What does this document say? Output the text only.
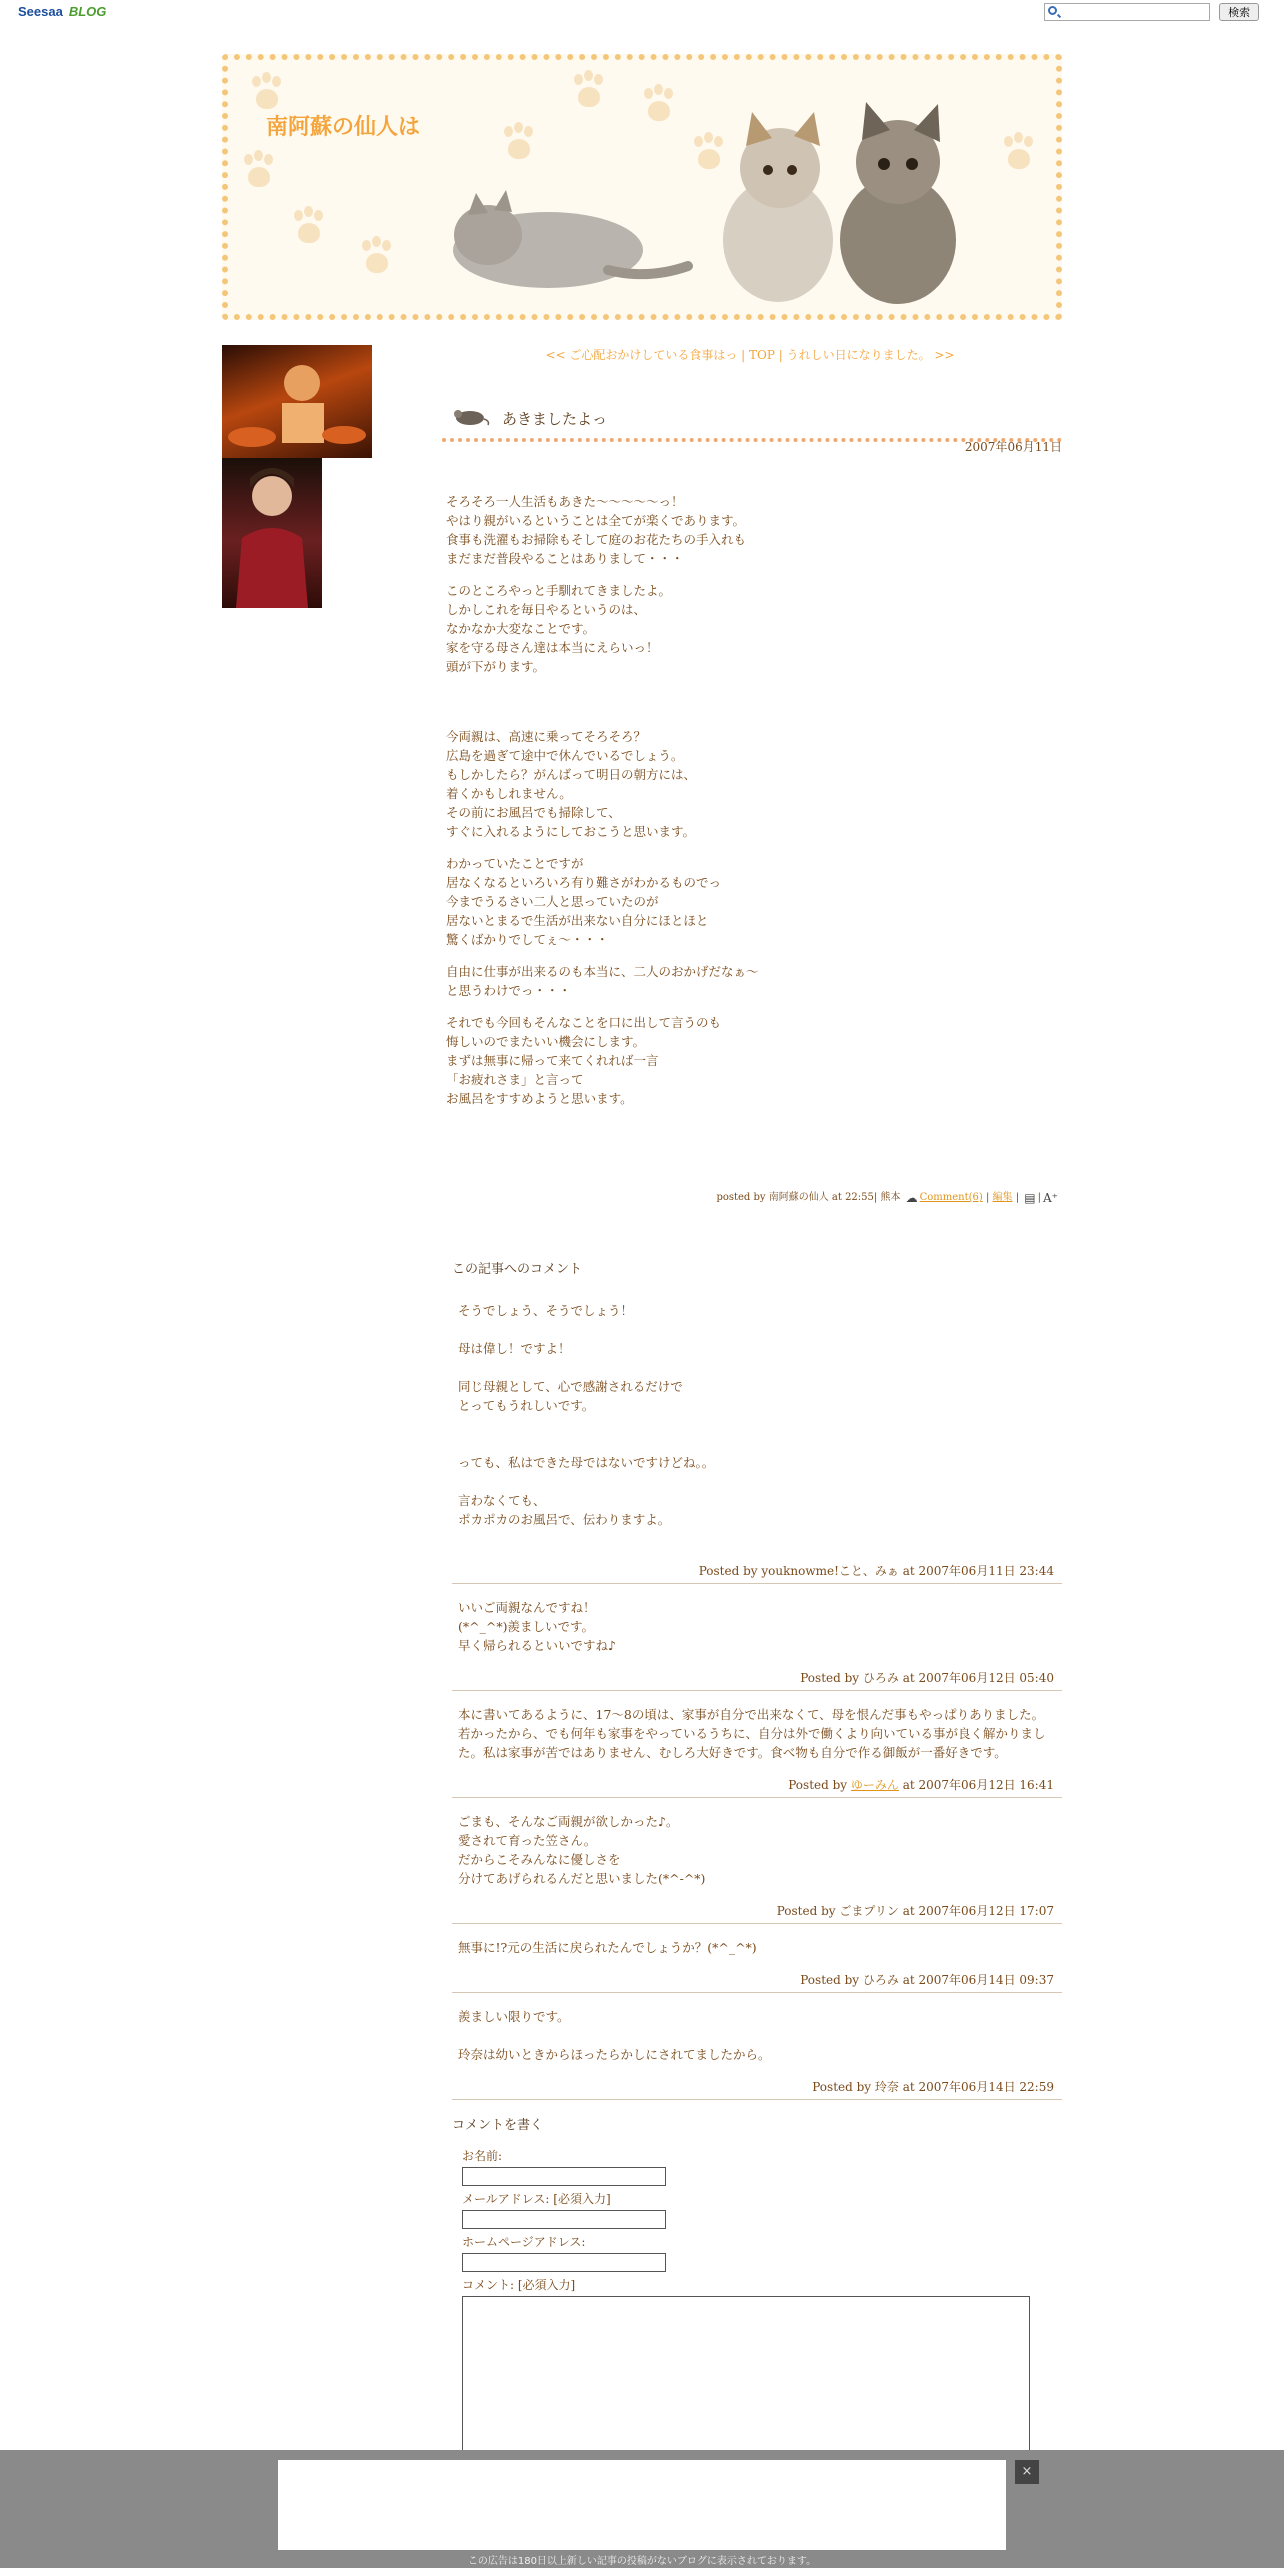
Seesaa BLOG	検索
南阿蘇の仙人は
<< ご心配おかけしている食事はっ | TOP | うれしい日になりました。 >>
あきましたよっ
2007年06月11日

そろそろ一人生活もあきた～～～～～っ！
やはり親がいるということは全てが楽くであります。
食事も洗濯もお掃除もそして庭のお花たちの手入れも
まだまだ普段やることはありまして・・・

このところやっと手馴れてきましたよ。
しかしこれを毎日やるというのは、
なかなか大変なことです。
家を守る母さん達は本当にえらいっ！
頭が下がります。

今両親は、高速に乗ってそろそろ？
広島を過ぎて途中で休んでいるでしょう。
もしかしたら？がんばって明日の朝方には、
着くかもしれません。
その前にお風呂でも掃除して、
すぐに入れるようにしておこうと思います。

わかっていたことですが
居なくなるといろいろ有り難さがわかるものでっ
今までうるさい二人と思っていたのが
居ないとまるで生活が出来ない自分にほとほと
驚くばかりでしてぇ～・・・

自由に仕事が出来るのも本当に、二人のおかげだなぁ～
と思うわけでっ・・・

それでも今回もそんなことを口に出して言うのも
悔しいのでまたいい機会にします。
まずは無事に帰って来てくれれば一言
「お疲れさま」と言って
お風呂をすすめようと思います。

posted by 南阿蘇の仙人 at 22:55| 熊本 ☁ Comment(6) | 編集 | ▤ | A⁺
この記事へのコメント
そうでしょう、そうでしょう！

母は偉し！ですよ！

同じ母親として、心で感謝されるだけで
とってもうれしいです。

っても、私はできた母ではないですけどね。。

言わなくても、
ポカポカのお風呂で、伝わりますよ。

Posted by youknowme!こと、みぁ at 2007年06月11日 23:44
いいご両親なんですね！
(*^_^*)羨ましいです。
早く帰られるといいですね♪
Posted by ひろみ at 2007年06月12日 05:40
本に書いてあるように、17～8の頃は、家事が自分で出来なくて、母を恨んだ事もやっぱりありました。若かったから、でも何年も家事をやっているうちに、自分は外で働くより向いている事が良く解かりました。私は家事が苦ではありません、むしろ大好きです。食べ物も自分で作る御飯が一番好きです。
Posted by ゆーみん at 2007年06月12日 16:41
ごまも、そんなご両親が欲しかった♪。
愛されて育った笠さん。
だからこそみんなに優しさを
分けてあげられるんだと思いました(*^-^*)
Posted by ごまプリン at 2007年06月12日 17:07
無事に!?元の生活に戻られたんでしょうか？(*^_^*)
Posted by ひろみ at 2007年06月14日 09:37
羨ましい限りです。

玲奈は幼いときからほったらかしにされてましたから。
Posted by 玲奈 at 2007年06月14日 22:59
コメントを書く
お名前:
メールアドレス: [必須入力]
ホームページアドレス:
コメント: [必須入力]
×
この広告は180日以上新しい記事の投稿がないブログに表示されております。
